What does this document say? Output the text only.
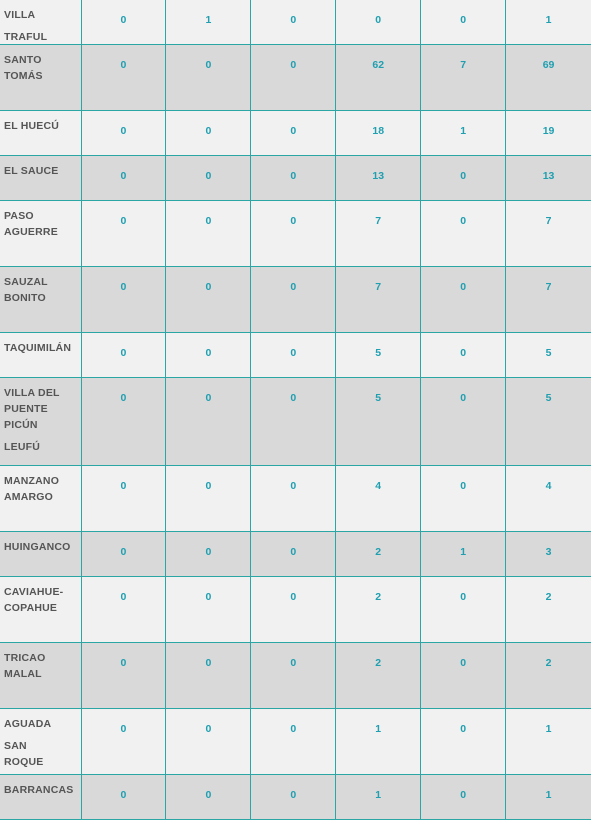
VILLA TRAFUL
0	1	0	0	0	1
SANTO
TOMÁS
0	0	0	62	7	69
EL HUECÚ	0	0	0	18	1	19
EL SAUCE	0	0	0	13	0	13
PASO
AGUERRE
0	0	0	7	0	7
SAUZAL
BONITO
0	0	0	7	0	7
TAQUIMILÁN	0	0	0	5	0	5
VILLA DEL
PUENTE
PICÚN LEUFÚ
0	0	0	5	0	5
MANZANO
AMARGO
0	0	0	4	0	4
HUINGANCO	0	0	0	2	1	3
CAVIAHUE-
COPAHUE
0	0	0	2	0	2
TRICAO
MALAL
0	0	0	2	0	2
AGUADA SAN
ROQUE
0	0	0	1	0	1
BARRANCAS	0	0	0	1	0	1
